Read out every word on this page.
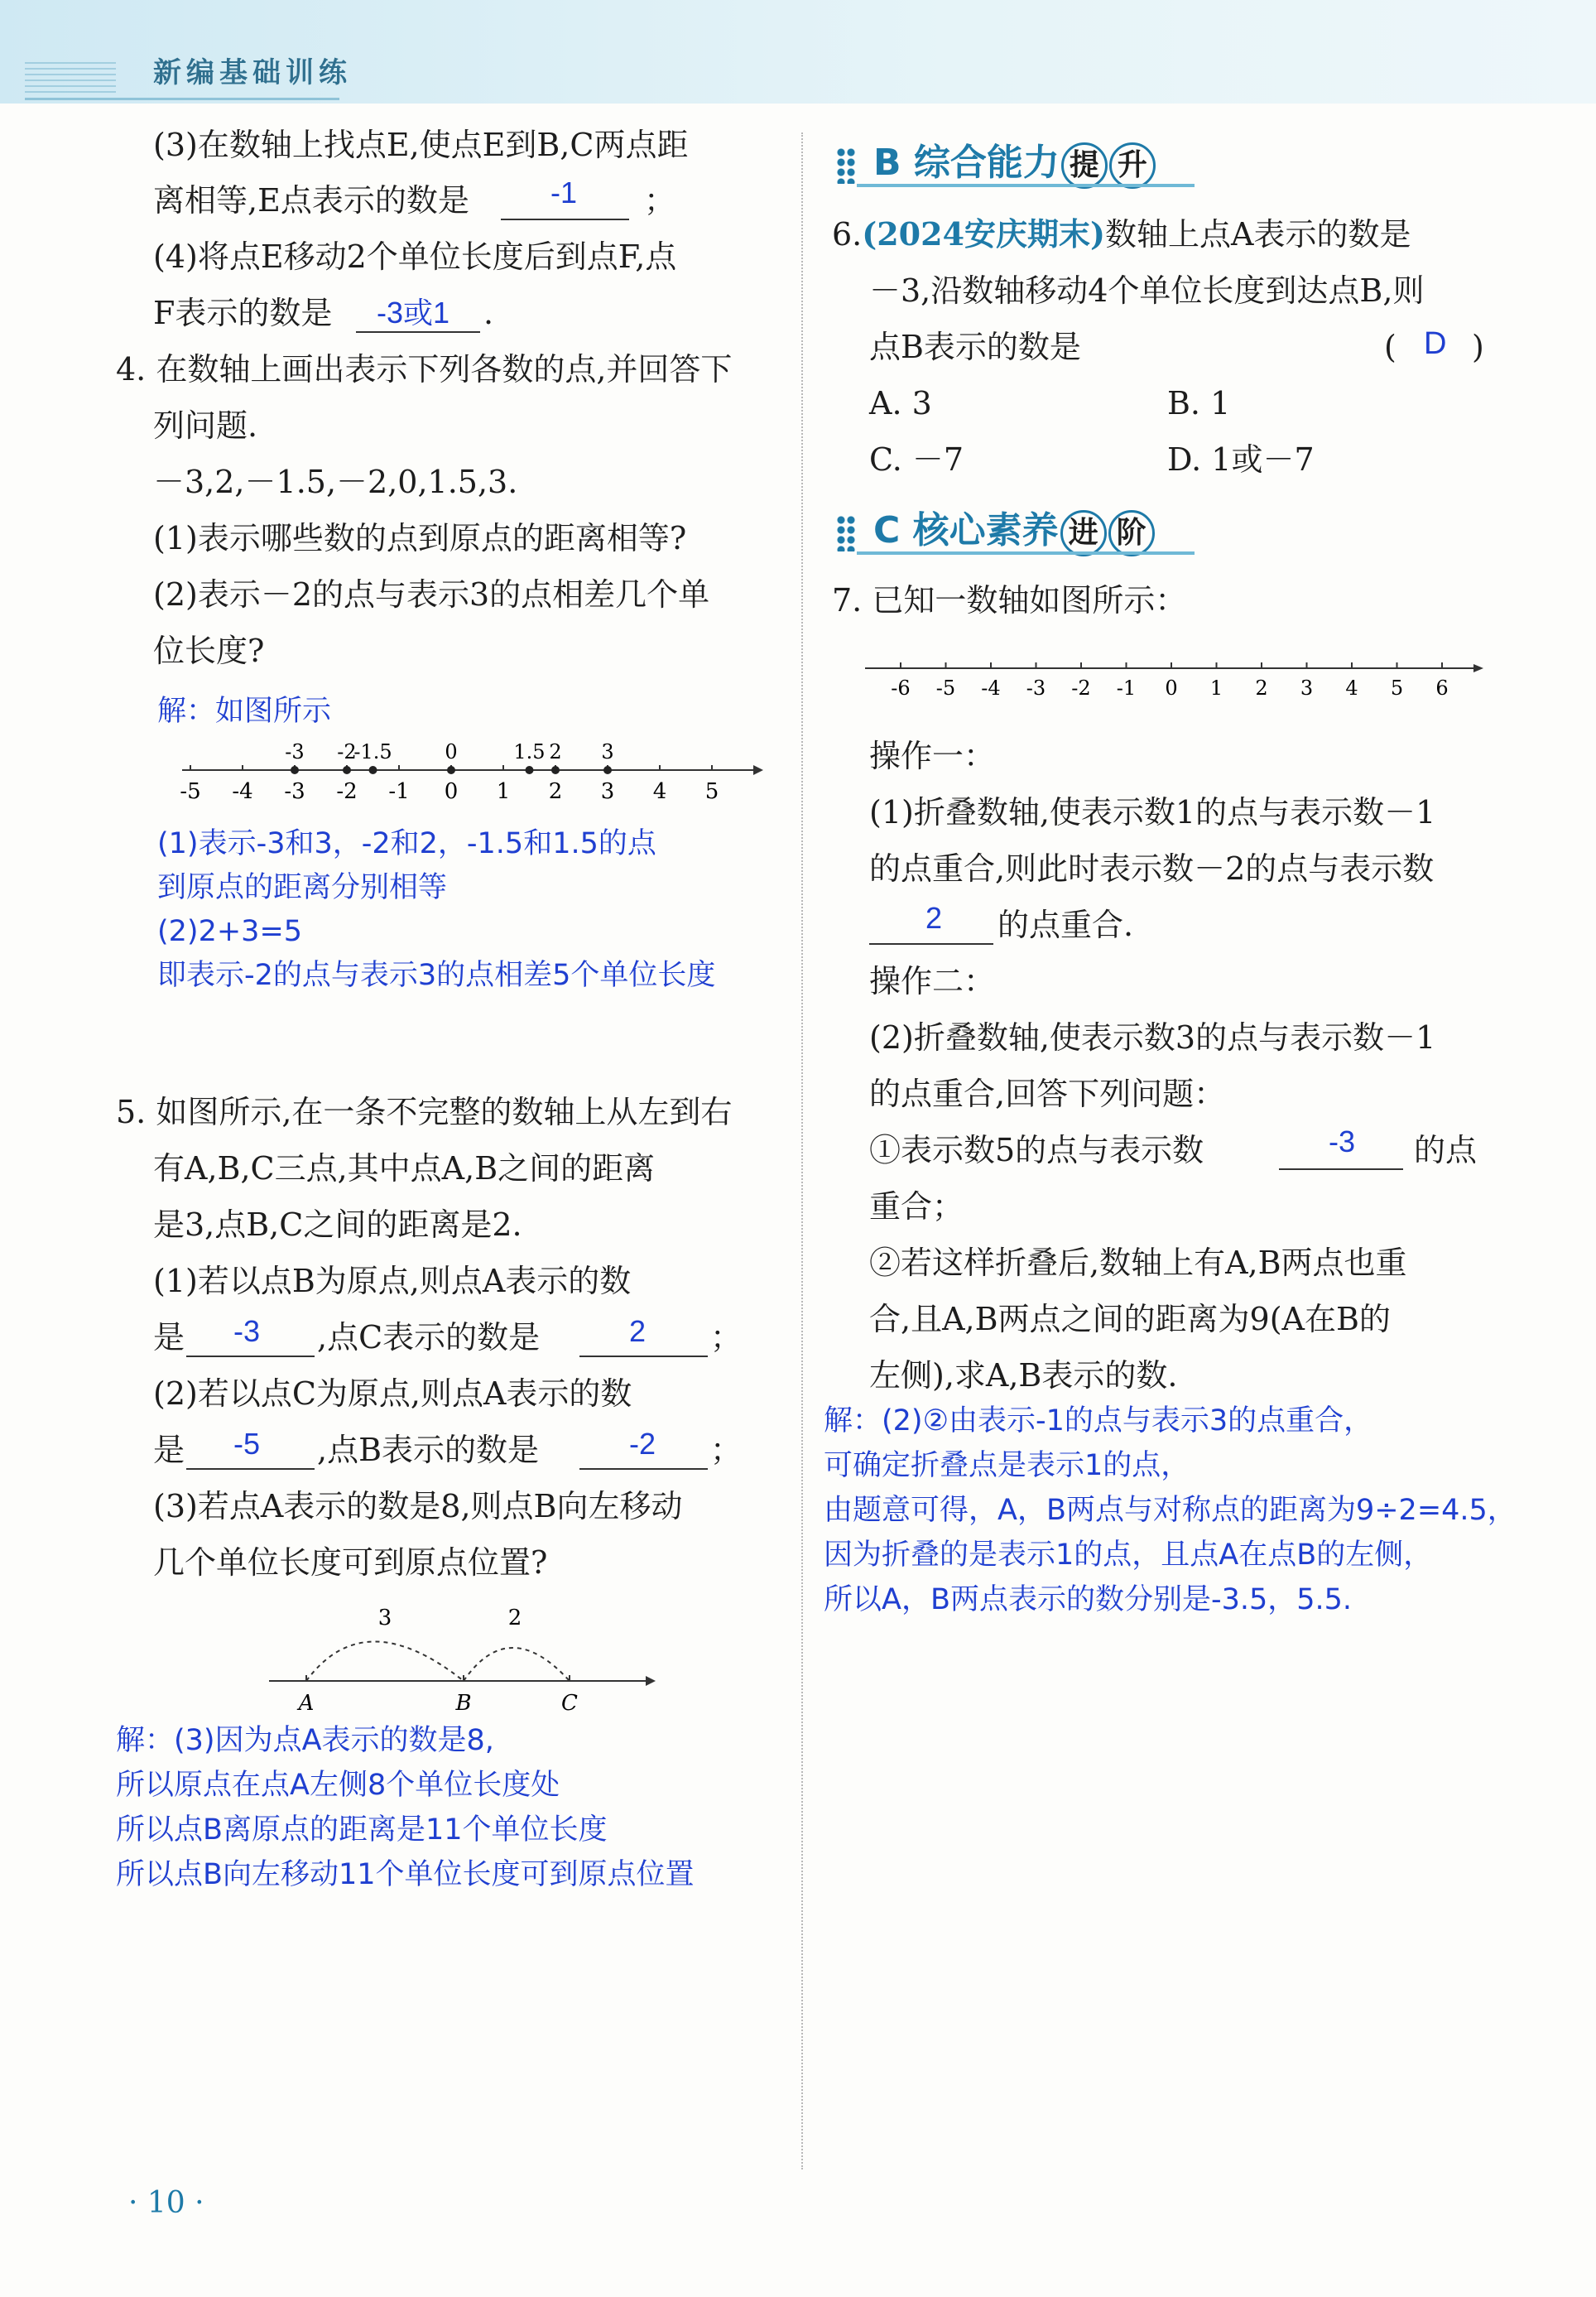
新编基础训练
(3)在数轴上找点E,使点E到B,C两点距
离相等,E点表示的数是	-1 ；
(4)将点E移动2个单位长度后到点F,点
F表示的数是 -3或1 .
4. 在数轴上画出表示下列各数的点,并回答下
列问题.
－3,2,－1.5,－2,0,1.5,3.
(1)表示哪些数的点到原点的距离相等?
(2)表示－2的点与表示3的点相差几个单
位长度?
解：如图所示
-5 -4 -3 -2 -1 0 1 2 3 4 5
-3 -2
-1.5	0	1.5 2 3
(1)表示-3和3，-2和2，-1.5和1.5的点
到原点的距离分别相等
(2)2+3=5
即表示-2的点与表示3的点相差5个单位长度
5. 如图所示,在一条不完整的数轴上从左到右
有A,B,C三点,其中点A,B之间的距离
是3,点B,C之间的距离是2.
(1)若以点B为原点,则点A表示的数
是 -3 ,点C表示的数是	2 ；
(2)若以点C为原点,则点A表示的数
是 -5 ,点B表示的数是	-2 ；
(3)若点A表示的数是8,则点B向左移动
几个单位长度可到原点位置?
3	2
A	B	C
解：(3)因为点A表示的数是8,
所以原点在点A左侧8个单位长度处
所以点B离原点的距离是11个单位长度
所以点B向左移动11个单位长度可到原点位置
B 综合能力 提 升
6.(2024安庆期末)数轴上点A表示的数是
－3,沿数轴移动4个单位长度到达点B,则
点B表示的数是	( D )
A. 3	B. 1
C. －7	D. 1或－7
C 核心素养 进 阶
7. 已知一数轴如图所示：
-6 -5 -4 -3 -2 -1 0 1 2 3 4 5 6
操作一：
(1)折叠数轴,使表示数1的点与表示数－1
的点重合,则此时表示数－2的点与表示数
2 的点重合.
操作二：
(2)折叠数轴,使表示数3的点与表示数－1
的点重合,回答下列问题：
①表示数5的点与表示数	-3 的点
重合；
②若这样折叠后,数轴上有A,B两点也重
合,且A,B两点之间的距离为9(A在B的
左侧),求A,B表示的数.
解：(2)②由表示-1的点与表示3的点重合，
可确定折叠点是表示1的点，
由题意可得，A，B两点与对称点的距离为9÷2=4.5，
因为折叠的是表示1的点，且点A在点B的左侧，
所以A，B两点表示的数分别是-3.5，5.5.
· 10 ·
